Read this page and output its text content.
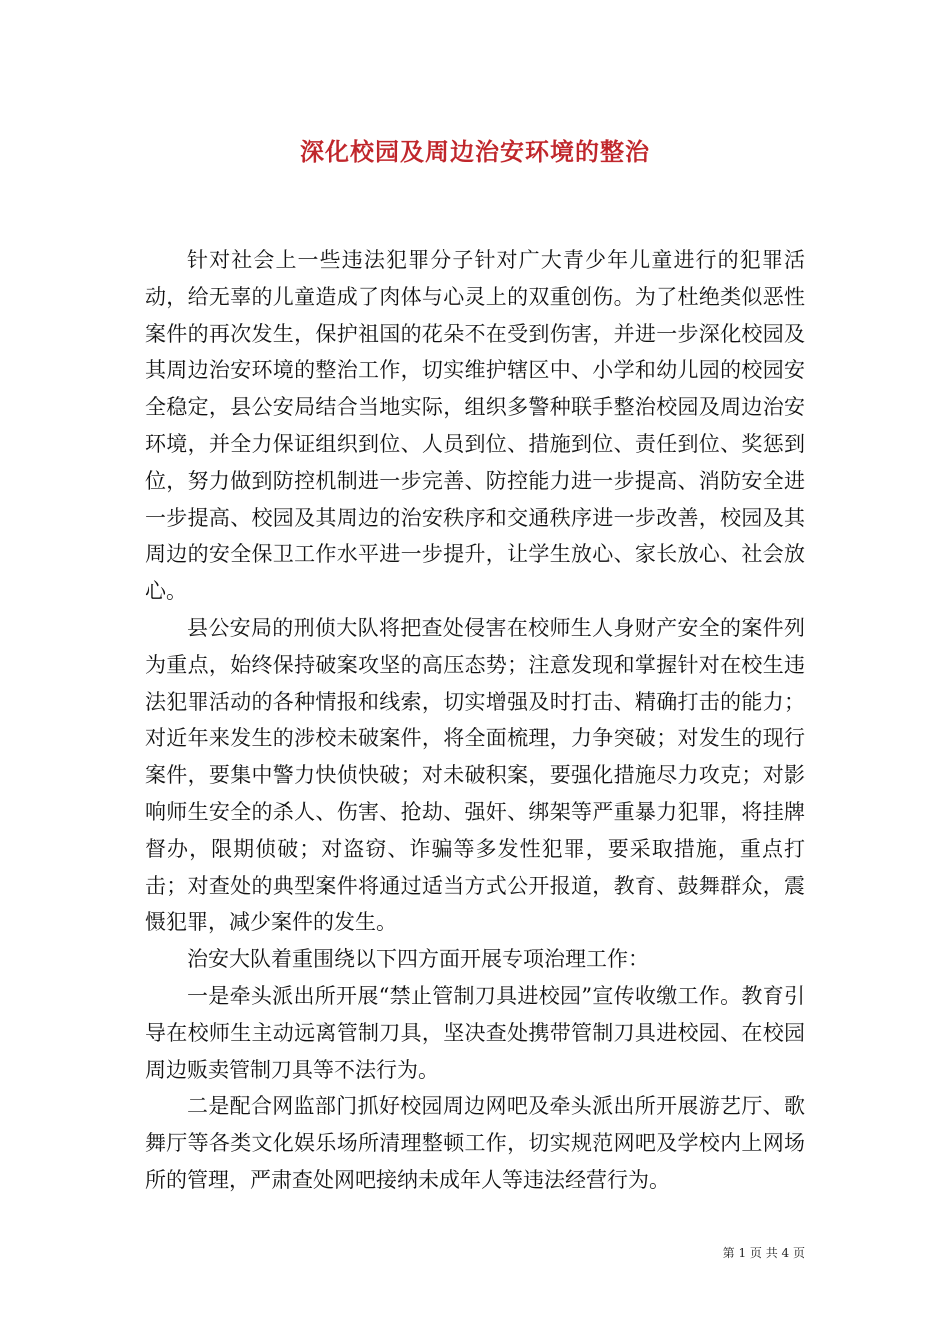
深化校园及周边治安环境的整治

针对社会上一些违法犯罪分子针对广大青少年儿童进行的犯罪活动，给无辜的儿童造成了肉体与心灵上的双重创伤。为了杜绝类似恶性案件的再次发生，保护祖国的花朵不在受到伤害，并进一步深化校园及其周边治安环境的整治工作，切实维护辖区中、小学和幼儿园的校园安全稳定，县公安局结合当地实际，组织多警种联手整治校园及周边治安环境，并全力保证组织到位、人员到位、措施到位、责任到位、奖惩到位，努力做到防控机制进一步完善、防控能力进一步提高、消防安全进一步提高、校园及其周边的治安秩序和交通秩序进一步改善，校园及其周边的安全保卫工作水平进一步提升，让学生放心、家长放心、社会放心。

县公安局的刑侦大队将把查处侵害在校师生人身财产安全的案件列为重点，始终保持破案攻坚的高压态势；注意发现和掌握针对在校生违法犯罪活动的各种情报和线索，切实增强及时打击、精确打击的能力；对近年来发生的涉校未破案件，将全面梳理，力争突破；对发生的现行案件，要集中警力快侦快破；对未破积案，要强化措施尽力攻克；对影响师生安全的杀人、伤害、抢劫、强奸、绑架等严重暴力犯罪，将挂牌督办，限期侦破；对盗窃、诈骗等多发性犯罪，要采取措施，重点打击；对查处的典型案件将通过适当方式公开报道，教育、鼓舞群众，震慑犯罪，减少案件的发生。

治安大队着重围绕以下四方面开展专项治理工作：

一是牵头派出所开展“禁止管制刀具进校园”宣传收缴工作。教育引导在校师生主动远离管制刀具，坚决查处携带管制刀具进校园、在校园周边贩卖管制刀具等不法行为。

二是配合网监部门抓好校园周边网吧及牵头派出所开展游艺厅、歌舞厅等各类文化娱乐场所清理整顿工作，切实规范网吧及学校内上网场所的管理，严肃查处网吧接纳未成年人等违法经营行为。

第 1 页 共 4 页
